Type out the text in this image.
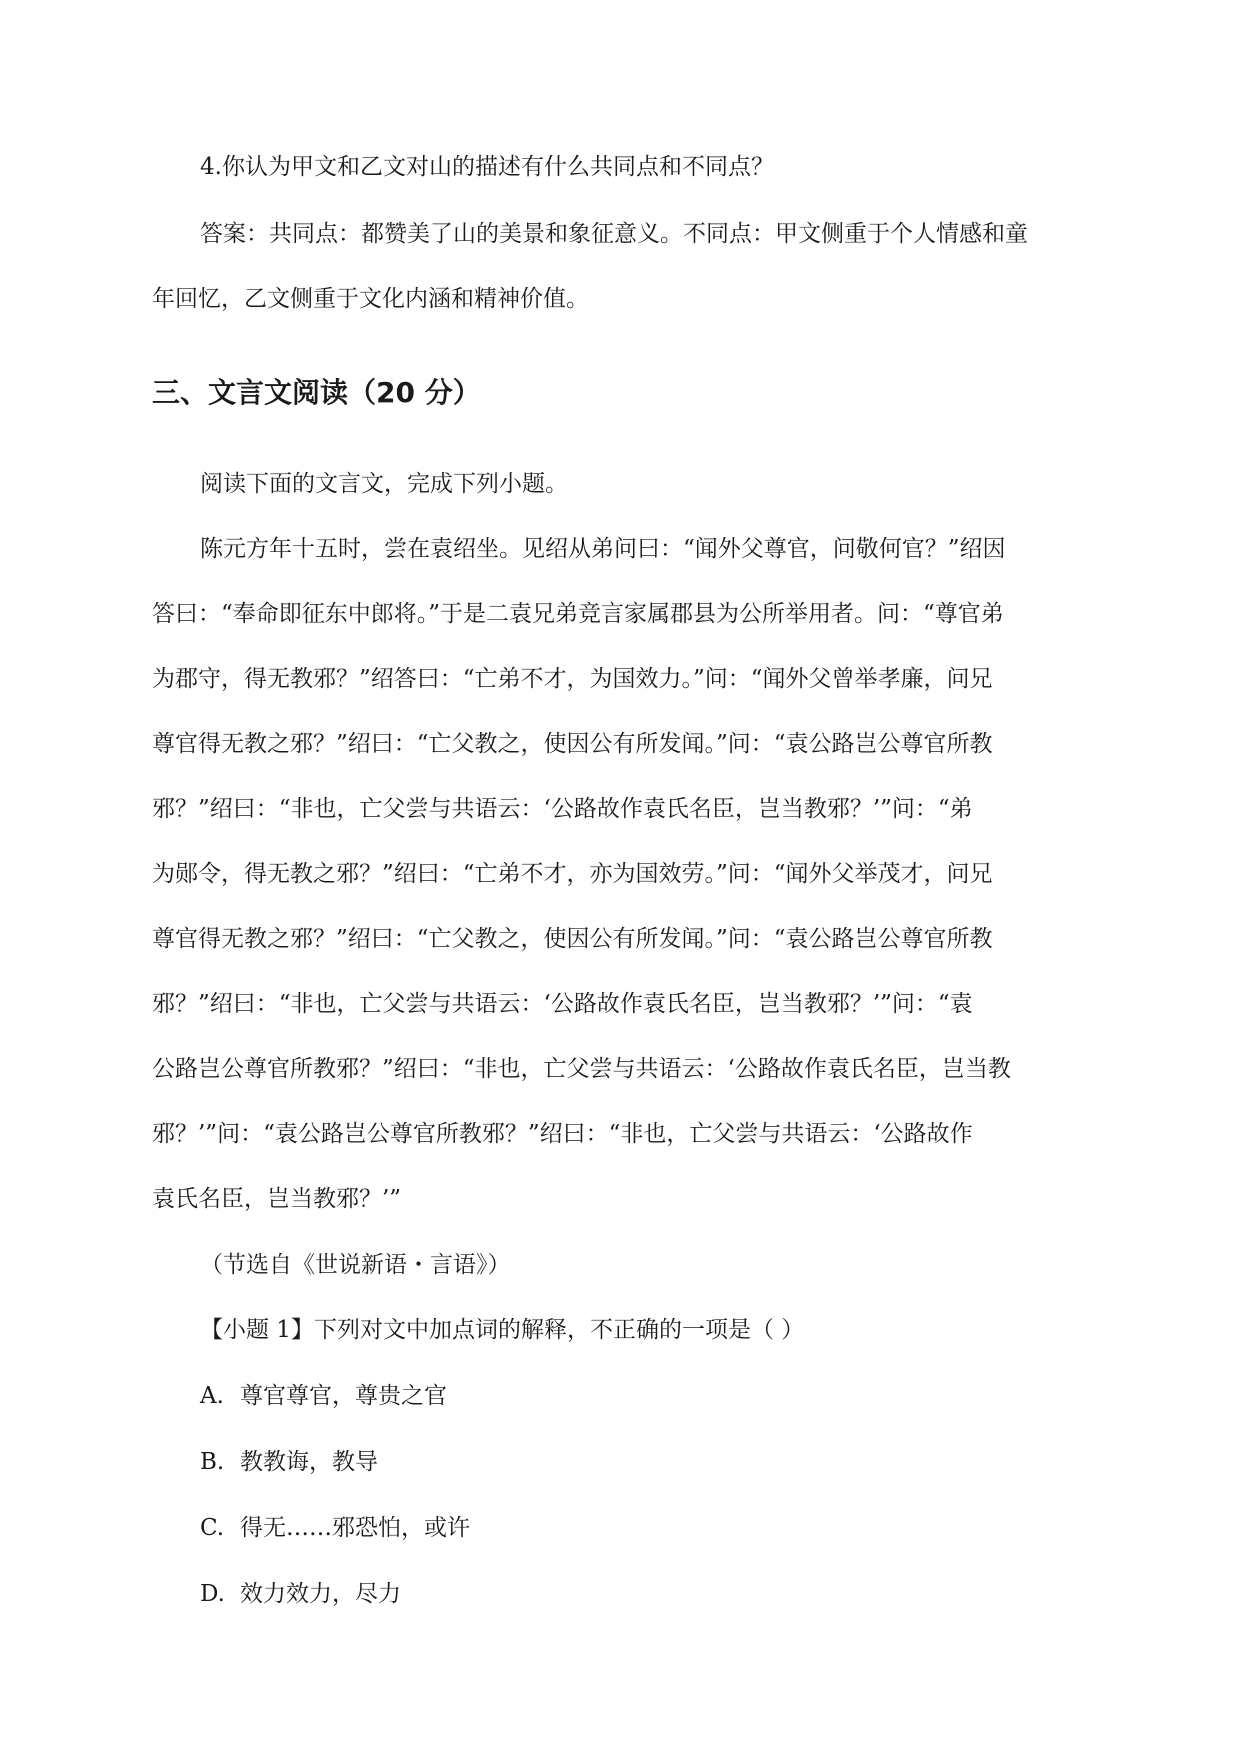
4.你认为甲文和乙文对山的描述有什么共同点和不同点？
答案：共同点：都赞美了山的美景和象征意义。不同点：甲文侧重于个人情感和童
年回忆，乙文侧重于文化内涵和精神价值。
三、文言文阅读（20 分）
阅读下面的文言文，完成下列小题。
陈元方年十五时，尝在袁绍坐。见绍从弟问曰：“闻外父尊官，问敬何官？”绍因
答曰：“奉命即征东中郎将。”于是二袁兄弟竞言家属郡县为公所举用者。问：“尊官弟
为郡守，得无教邪？”绍答曰：“亡弟不才，为国效力。”问：“闻外父曾举孝廉，问兄
尊官得无教之邪？”绍曰：“亡父教之，使因公有所发闻。”问：“袁公路岂公尊官所教
邪？”绍曰：“非也，亡父尝与共语云：‘公路故作袁氏名臣，岂当教邪？’”问：“弟
为郧令，得无教之邪？”绍曰：“亡弟不才，亦为国效劳。”问：“闻外父举茂才，问兄
尊官得无教之邪？”绍曰：“亡父教之，使因公有所发闻。”问：“袁公路岂公尊官所教
邪？”绍曰：“非也，亡父尝与共语云：‘公路故作袁氏名臣，岂当教邪？’”问：“袁
公路岂公尊官所教邪？”绍曰：“非也，亡父尝与共语云：‘公路故作袁氏名臣，岂当教
邪？’”问：“袁公路岂公尊官所教邪？”绍曰：“非也，亡父尝与共语云：‘公路故作
袁氏名臣，岂当教邪？’”
（节选自《世说新语・言语》）
【小题 1】下列对文中加点词的解释，不正确的一项是（ ）
A. 尊官尊官，尊贵之官
B. 教教诲，教导
C. 得无……邪恐怕，或许
D. 效力效力，尽力
